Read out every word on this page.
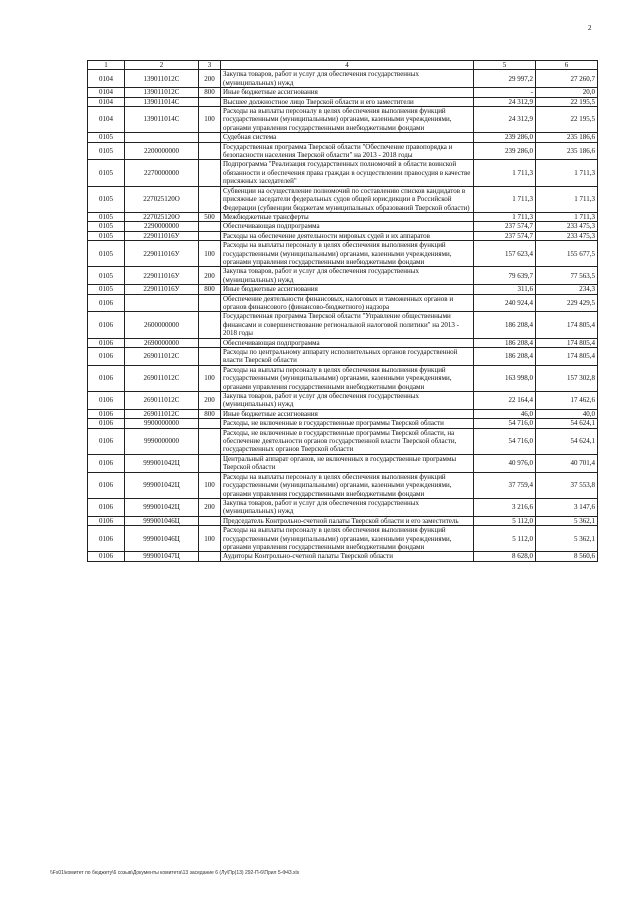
2
1	2	3	4	5	6
0104	139011012С	200	Закупка товаров, работ и услуг для обеспечения государственных (муниципальных) нужд	29 997,2	27 260,7
0104	139011012С	800	Иные бюджетные ассигнования	-	20,0
0104	139011014С		Высшее должностное лицо Тверской области и его заместители	24 312,9	22 195,5
0104	139011014С	100	Расходы на выплаты персоналу в целях обеспечения выполнения функций государственными (муниципальными) органами, казенными учреждениями, органами управления государственными внебюджетными фондами	24 312,9	22 195,5
0105			Судебная система	239 286,0	235 186,6
0105	2200000000		Государственная программа Тверской области "Обеспечение правопорядка и безопасности населения Тверской области" на 2013 - 2018 годы	239 286,0	235 186,6
0105	2270000000		Подпрограмма "Реализация государственных полномочий в области воинской обязанности и обеспечения права граждан в осуществлении правосудия в качестве присяжных заседателей"	1 711,3	1 711,3
0105	227025120О		Субвенции на осуществление полномочий по составлению списков кандидатов в присяжные заседатели федеральных судов общей юрисдикции в Российской Федерации (субвенции бюджетам муниципальных образований Тверской области)	1 711,3	1 711,3
0105	227025120О	500	Межбюджетные трансферты	1 711,3	1 711,3
0105	2290000000		Обеспечивающая подпрограмма	237 574,7	233 475,3
0105	229011016У		Расходы на обеспечение деятельности мировых судей и их аппаратов	237 574,7	233 475,3
0105	229011016У	100	Расходы на выплаты персоналу в целях обеспечения выполнения функций государственными (муниципальными) органами, казенными учреждениями, органами управления государственными внебюджетными фондами	157 623,4	155 677,5
0105	229011016У	200	Закупка товаров, работ и услуг для обеспечения государственных (муниципальных) нужд	79 639,7	77 563,5
0105	229011016У	800	Иные бюджетные ассигнования	311,6	234,3
0106			Обеспечение деятельности финансовых, налоговых и таможенных органов и органов финансового (финансово-бюджетного) надзора	240 924,4	229 429,5
0106	2600000000		Государственная программа Тверской области "Управление общественными финансами и совершенствование региональной налоговой политики" на 2013 - 2018 годы	186 208,4	174 805,4
0106	2690000000		Обеспечивающая подпрограмма	186 208,4	174 805,4
0106	269011012С		Расходы по центральному аппарату исполнительных органов государственной власти Тверской области	186 208,4	174 805,4
0106	269011012С	100	Расходы на выплаты персоналу в целях обеспечения выполнения функций государственными (муниципальными) органами, казенными учреждениями, органами управления государственными внебюджетными фондами	163 998,0	157 302,8
0106	269011012С	200	Закупка товаров, работ и услуг для обеспечения государственных (муниципальных) нужд	22 164,4	17 462,6
0106	269011012С	800	Иные бюджетные ассигнования	46,0	40,0
0106	9900000000		Расходы, не включенные в государственные программы Тверской области	54 716,0	54 624,1
0106	9990000000		Расходы, не включенные в государственные программы Тверской области, на обеспечение деятельности органов государственной власти Тверской области, государственных органов Тверской области	54 716,0	54 624,1
0106	999001042Ц		Центральный аппарат органов, не включенных в государственные программы Тверской области	40 976,0	40 701,4
0106	999001042Ц	100	Расходы на выплаты персоналу в целях обеспечения выполнения функций государственными (муниципальными) органами, казенными учреждениями, органами управления государственными внебюджетными фондами	37 759,4	37 553,8
0106	999001042Ц	200	Закупка товаров, работ и услуг для обеспечения государственных (муниципальных) нужд	3 216,6	3 147,6
0106	999001046Ц		Председатель Контрольно-счетной палаты Тверской области и его заместитель	5 112,0	5 362,1
0106	999001046Ц	100	Расходы на выплаты персоналу в целях обеспечения выполнения функций государственными (муниципальными) органами, казенными учреждениями, органами управления государственными внебюджетными фондами	5 112,0	5 362,1
0106	999001047Ц		Аудиторы Контрольно-счетной палаты Тверской области	8 628,0	8 560,6
\\Fs01\комитет по бюджету\6 созыв\Документы комитета\13 заседание 6 (Лу\Пр(13) 292-П-6\Прил 5-Ф43.xls
